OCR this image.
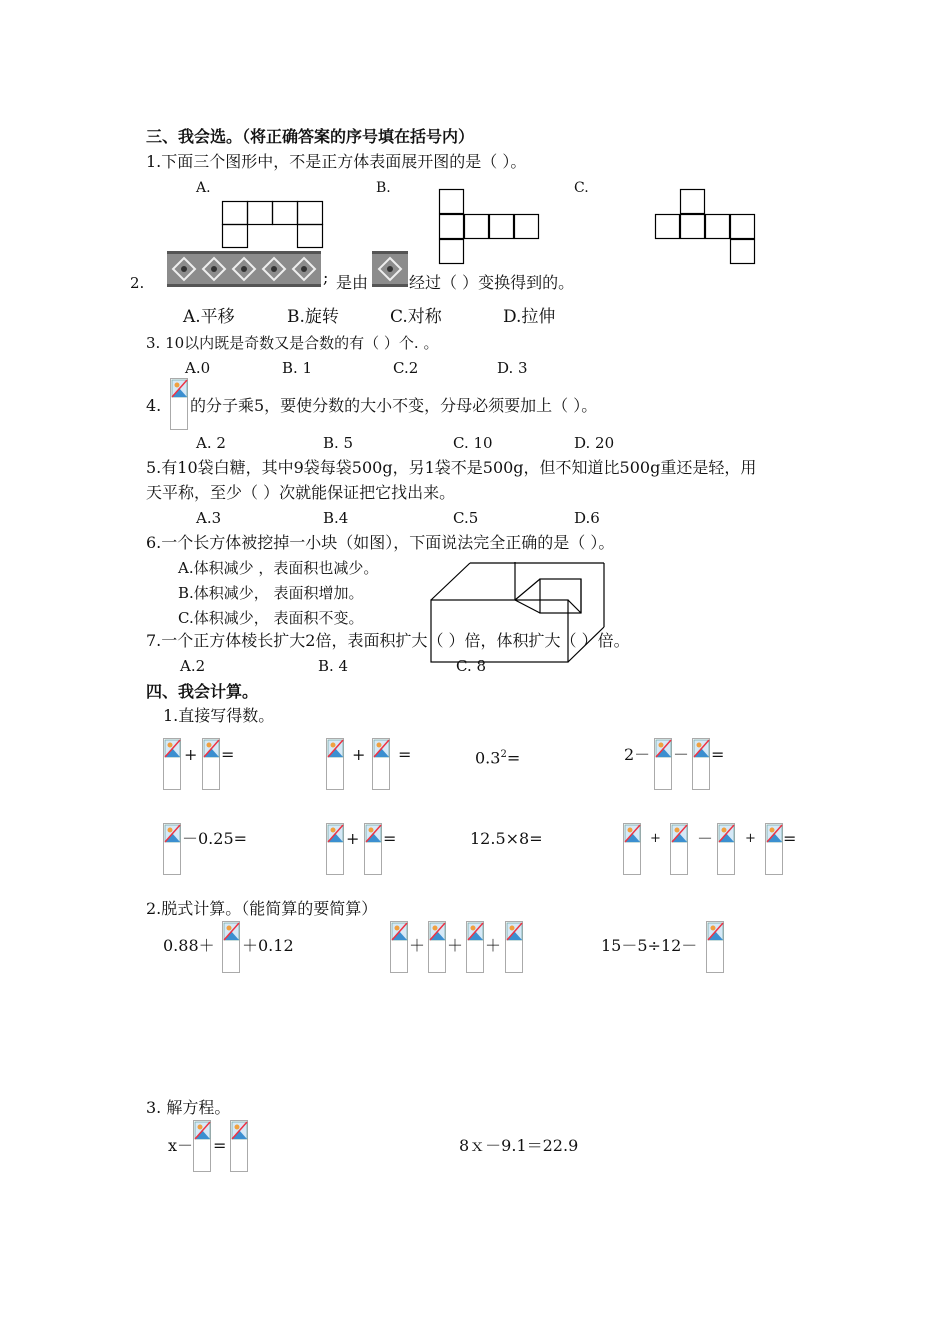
三、我会选。（将正确答案的序号填在括号内）
1.下面三个图形中，不是正方体表面展开图的是（ ）。
A.	B.	C.
2.	; 是由	经过（ ）变换得到的。
A.平移	B.旋转	C.对称	D.拉伸
3. 10以内既是奇数又是合数的有（ ）个. 。
A.0	B. 1	C.2	D. 3
4. 的分子乘5，要使分数的大小不变，分母必须要加上（ ）。
A. 2	B. 5	C. 10	D. 20
5.有10袋白糖，其中9袋每袋500g，另1袋不是500g，但不知道比500g重还是轻，用
天平称，至少（ ）次就能保证把它找出来。
A.3	B.4	C.5	D.6
6.一个长方体被挖掉一小块（如图），下面说法完全正确的是（ ）。
A.体积减少 ，表面积也减少。
B.体积减少， 表面积增加。
C.体积减少， 表面积不变。
7.一个正方体棱长扩大2倍，表面积扩大（ ）倍，体积扩大（ ）倍。
A.2	B. 4	C. 8
四、我会计算。
1.直接写得数。
+ =	+ =	$0.3^2=$	2－ － =
－0.25=	+ =	12.5×8=	+ － + =
2.脱式计算。（能简算的要简算）
0.88＋ ＋0.12	＋ ＋ ＋	15－5÷12－
3. 解方程。
x－ =	8ｘ－9.1＝22.9
